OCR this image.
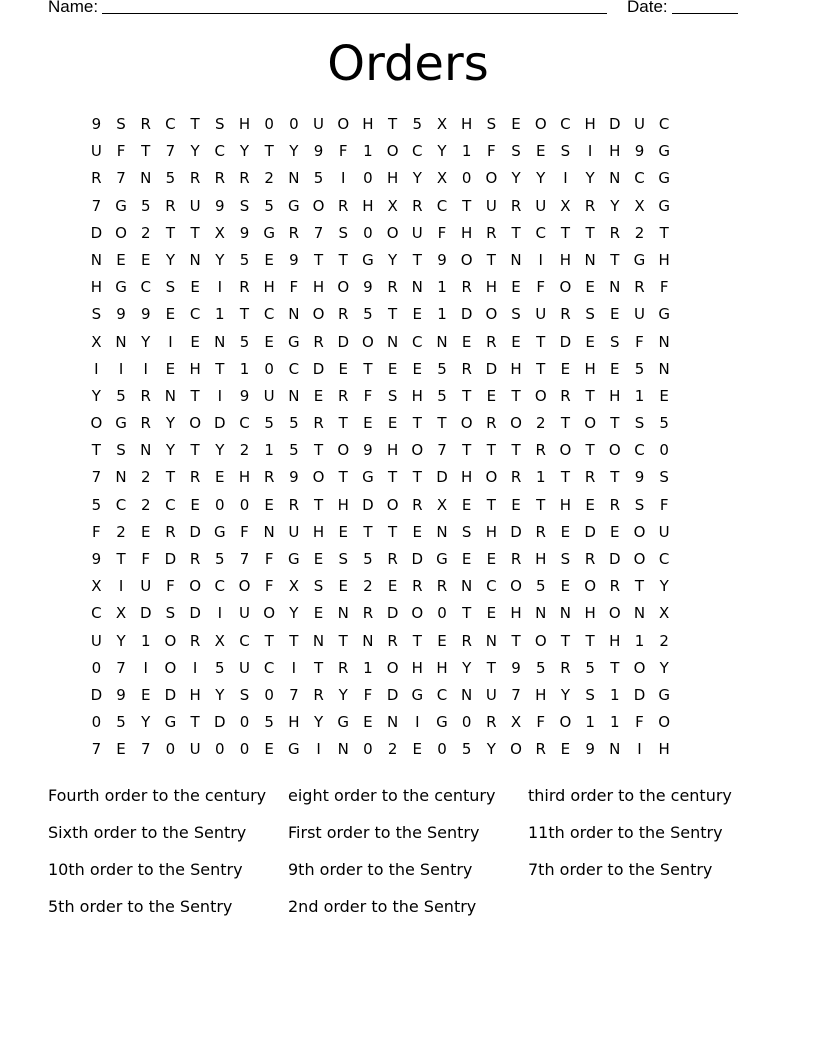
Name:	Date:
Orders
9	S R C T	S H 0	0 U O H T	5 X H S	E O C H D U C
U F	T	7	Y C Y	T	Y	9	F	1 O C Y	1	F	S	E	S	I	H 9 G
R 7 N 5 R R R 2 N 5	I	0 H Y X 0 O Y	Y	I	Y N C G
7 G 5 R U 9	S	5 G O R H X R C T U R U X R Y X G
D O 2	T	T X 9 G R 7	S	0 O U F H R T C T	T R 2	T
N E	E	Y N Y	5	E	9	T	T G Y	T	9 O T N	I	H N T G H
H G C S	E	I	R H F H O 9 R N 1 R H E	F O E N R	F
S	9	9	E C 1	T C N O R 5	T	E	1 D O S U R S	E U G
X N Y	I	E N 5	E G R D O N C N E R E	T D E	S	F N
I	I	I	E H T	1	0 C D E	T	E	E	5 R D H T	E H E	5 N
Y	5 R N T	I	9 U N E R	F	S H 5	T	E	T O R T H 1	E
O G R Y O D C 5	5 R T	E	E	T	T O R O 2	T O T	S	5
T	S N Y	T	Y	2	1	5	T O 9 H O 7	T	T	T R O T O C 0
7 N 2	T R E H R 9 O T G T	T D H O R 1	T R T	9	S
5 C 2 C E	0	0	E R T H D O R X E	T	E	T H E R S	F
F	2	E R D G F N U H E	T	T	E N S H D R E D E O U
9	T	F D R 5	7	F G E	S	5 R D G E	E R H S R D O C
X	I	U F O C O F	X S	E	2	E R R N C O 5	E O R T	Y
C X D S D	I	U O Y	E N R D O 0	T	E H N N H O N X
U Y	1 O R X C T	T N T N R T	E R N T O T	T H 1	2
0	7	I	O	I	5 U C	I	T R 1 O H H Y	T	9	5 R 5	T O Y
D 9	E D H Y	S	0	7 R Y	F D G C N U 7 H Y	S	1 D G
0	5	Y G T D 0	5 H Y G E N	I	G 0 R X	F O 1	1	F O
7	E	7	0 U 0	0	E G	I	N 0	2	E	0	5	Y O R E	9 N	I	H
Fourth order to the century	eight order to the century	third order to the century
Sixth order to the Sentry	First order to the Sentry	11th order to the Sentry
10th order to the Sentry	9th order to the Sentry	7th order to the Sentry
5th order to the Sentry	2nd order to the Sentry
